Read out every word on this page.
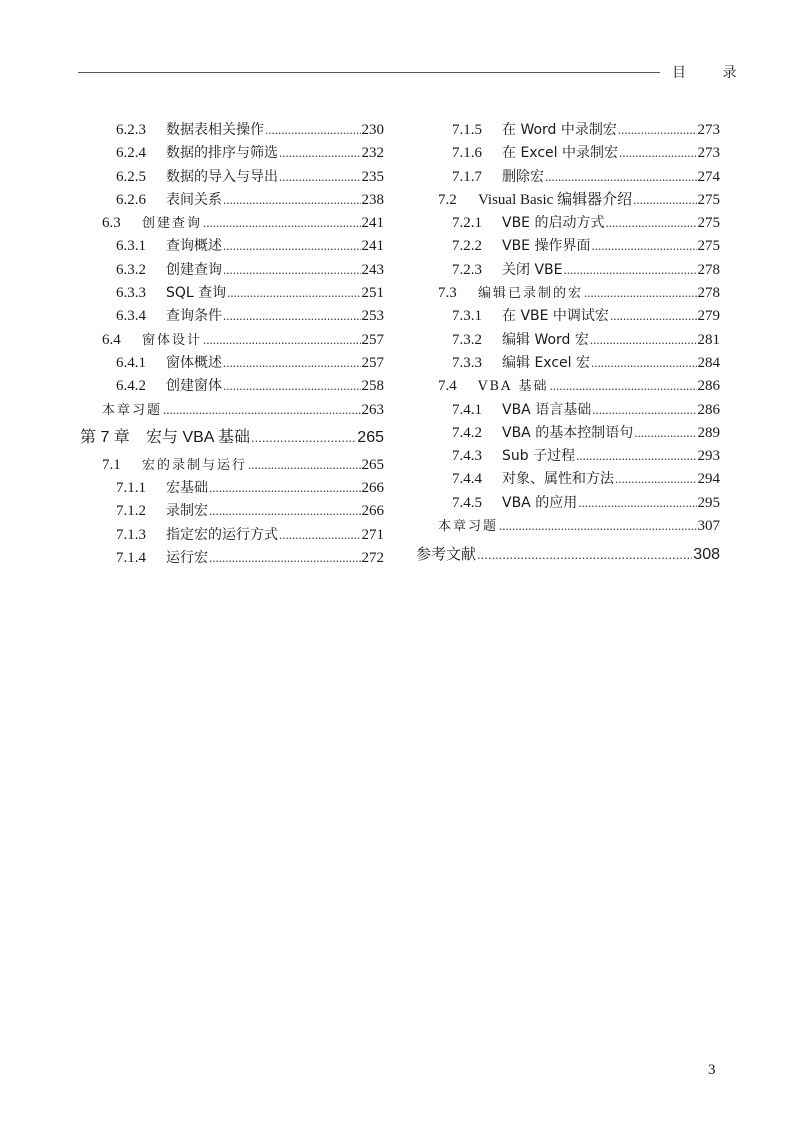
目 录
6.2.3	数据表相关操作 .....	230
6.2.4	数据的排序与筛选 .....	232
6.2.5	数据的导入与导出 .....	235
6.2.6	表间关系 .....	238
6.3	创建查询 .....	241
6.3.1	查询概述 .....	241
6.3.2	创建查询 .....	243
6.3.3	SQL 查询 .....	251
6.3.4	查询条件 .....	253
6.4	窗体设计 .....	257
6.4.1	窗体概述 .....	257
6.4.2	创建窗体 .....	258
本章习题 .....	263
第 7 章	宏与 VBA 基础 .....	265
7.1	宏的录制与运行 .....	265
7.1.1	宏基础 .....	266
7.1.2	录制宏 .....	266
7.1.3	指定宏的运行方式 .....	271
7.1.4	运行宏 .....	272
7.1.5	在 Word 中录制宏 .....	273
7.1.6	在 Excel 中录制宏 .....	273
7.1.7	删除宏 .....	274
7.2	Visual Basic 编辑器介绍 .....	275
7.2.1	VBE 的启动方式 .....	275
7.2.2	VBE 操作界面 .....	275
7.2.3	关闭 VBE .....	278
7.3	编辑已录制的宏 .....	278
7.3.1	在 VBE 中调试宏 .....	279
7.3.2	编辑 Word 宏 .....	281
7.3.3	编辑 Excel 宏 .....	284
7.4	VBA 基础 .....	286
7.4.1	VBA 语言基础 .....	286
7.4.2	VBA 的基本控制语句 .....	289
7.4.3	Sub 子过程 .....	293
7.4.4	对象、属性和方法 .....	294
7.4.5	VBA 的应用 .....	295
本章习题 .....	307
参考文献 .....	308
3
